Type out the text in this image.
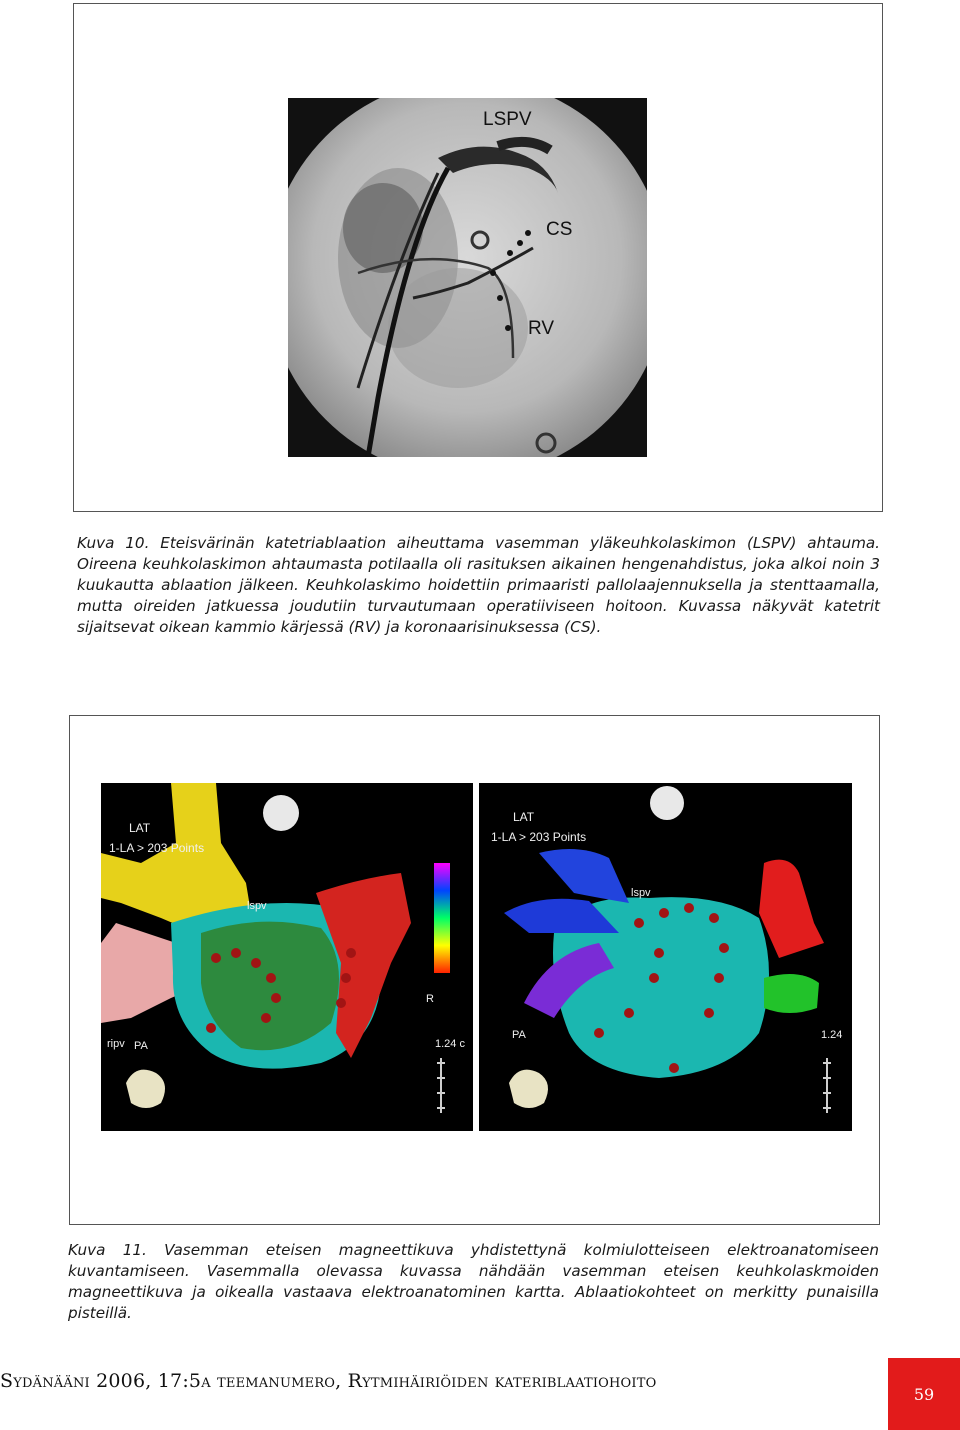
LSPV
CS
RV

Kuva 10. Eteisvärinän katetriablaation aiheuttama vasemman yläkeuhkolaskimon (LSPV) ahtauma. Oireena keuhkolaskimon ahtaumasta potilaalla oli rasituksen aikainen hengenahdistus, joka alkoi noin 3 kuukautta ablaation jälkeen. Keuhkolaskimo hoidettiin primaaristi pallolaajennuksella ja stenttaamalla, mutta oireiden jatkuessa joudutiin turvautumaan operatiiviseen hoitoon. Kuvassa näkyvät katetrit sijaitsevat oikean kammio kärjessä (RV) ja koronaarisinuksessa (CS).

LAT
1-LA > 203 Points
lspv
ripv PA
R
1.24 c
LAT
1-LA > 203 Points
lspv
PA	1.24

Kuva 11. Vasemman eteisen magneettikuva yhdistettynä kolmiulotteiseen elektroanatomiseen kuvantamiseen. Vasemmalla olevassa kuvassa nähdään vasemman eteisen keuhkolaskmoiden magneettikuva ja oikealla vastaava elektroanatominen kartta. Ablaatiokohteet on merkitty punaisilla pisteillä.

Sydänääni 2006, 17:5a teemanumero, Rytmihäiriöiden kateriblaatiohoito
59
